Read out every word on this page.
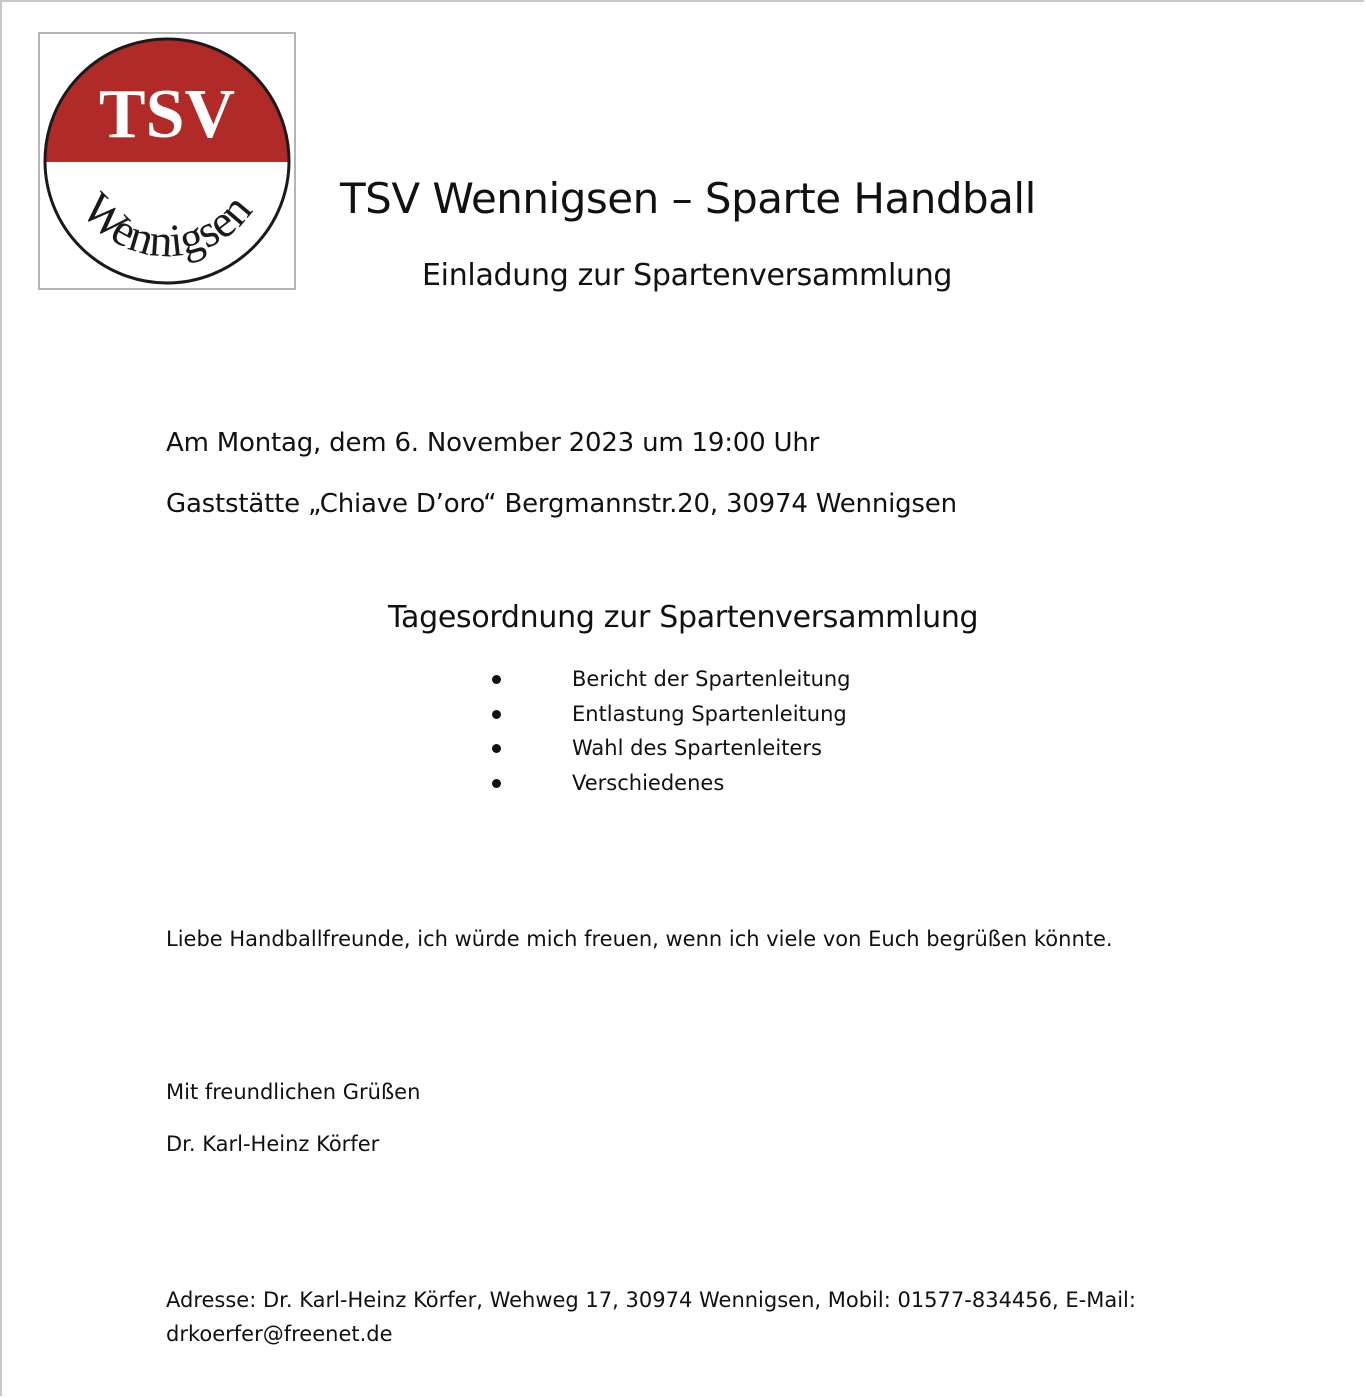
TSV
Wennigsen TSV Wennigsen – Sparte Handball
Einladung zur Spartenversammlung
Am Montag, dem 6. November 2023 um 19:00 Uhr
Gaststätte „Chiave D’oro“ Bergmannstr.20, 30974 Wennigsen
Tagesordnung zur Spartenversammlung
Bericht der Spartenleitung
Entlastung Spartenleitung
Wahl des Spartenleiters
Verschiedenes
Liebe Handballfreunde, ich würde mich freuen, wenn ich viele von Euch begrüßen könnte.
Mit freundlichen Grüßen
Dr. Karl-Heinz Körfer
Adresse: Dr. Karl-Heinz Körfer, Wehweg 17, 30974 Wennigsen, Mobil: 01577-834456, E-Mail:
drkoerfer@freenet.de
